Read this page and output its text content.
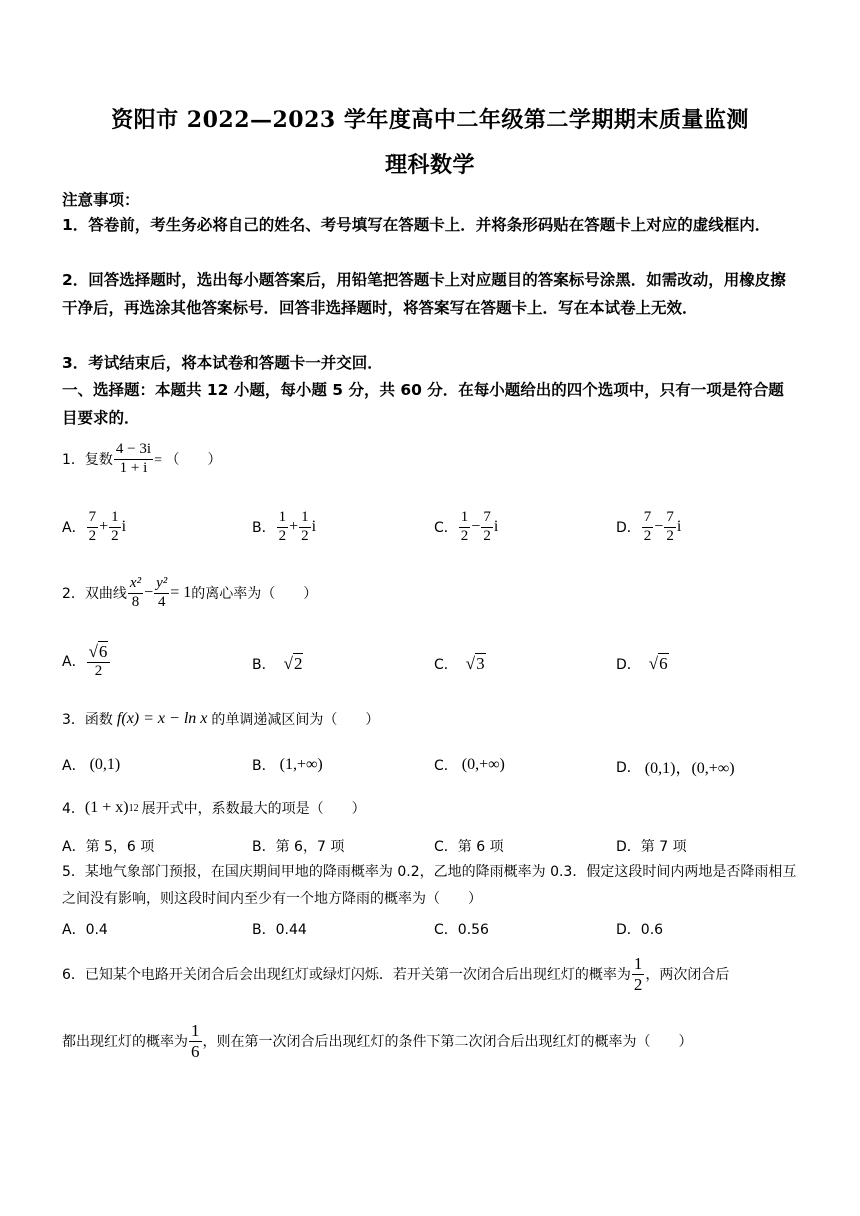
资阳市 2022—2023 学年度高中二年级第二学期期末质量监测
理科数学
注意事项：
1．答卷前，考生务必将自己的姓名、考号填写在答题卡上．并将条形码贴在答题卡上对应的虚线框内．
2．回答选择题时，选出每小题答案后，用铅笔把答题卡上对应题目的答案标号涂黑．如需改动，用橡皮擦干净后，再选涂其他答案标号．回答非选择题时，将答案写在答题卡上．写在本试卷上无效．
3．考试结束后，将本试卷和答题卡一并交回．
一、选择题：本题共 12 小题，每小题 5 分，共 60 分．在每小题给出的四个选项中，只有一项是符合题目要求的．
1．复数 $\frac{4 - 3i}{1 + i}$ = （　　）
A． $\frac{7}{2} + \frac{1}{2}$ i	B． $\frac{1}{2} + \frac{1}{2}$ i	C． $\frac{1}{2} - \frac{7}{2}$ i	D． $\frac{7}{2} - \frac{7}{2}$ i
2．双曲线 $\frac{\text{x²}}{8} - \frac{\text{y²}}{4} = 1$ 的离心率为（　　）
A． $\frac{√6}{2}$	B． √2	C． √3	D． √6
3．函数 f(x) = x − ln x 的单调递减区间为（　　）
A． (0,1)	B． (1,+∞)	C． (0,+∞)	D． (0,1)，(0,+∞)
4． (1 + x) 12 展开式中，系数最大的项是（　　）
A．第 5，6 项	B．第 6，7 项	C．第 6 项	D．第 7 项
5．某地气象部门预报，在国庆期间甲地的降雨概率为 0.2，乙地的降雨概率为 0.3．假定这段时间内两地是否降雨相互之间没有影响，则这段时间内至少有一个地方降雨的概率为（　　）
A．0.4	B．0.44	C．0.56	D．0.6
6．已知某个电路开关闭合后会出现红灯或绿灯闪烁．若开关第一次闭合后出现红灯的概率为 $\frac{1}{2}$ ，两次闭合后
都出现红灯的概率为 $\frac{1}{6}$ ，则在第一次闭合后出现红灯的条件下第二次闭合后出现红灯的概率为（　　）
